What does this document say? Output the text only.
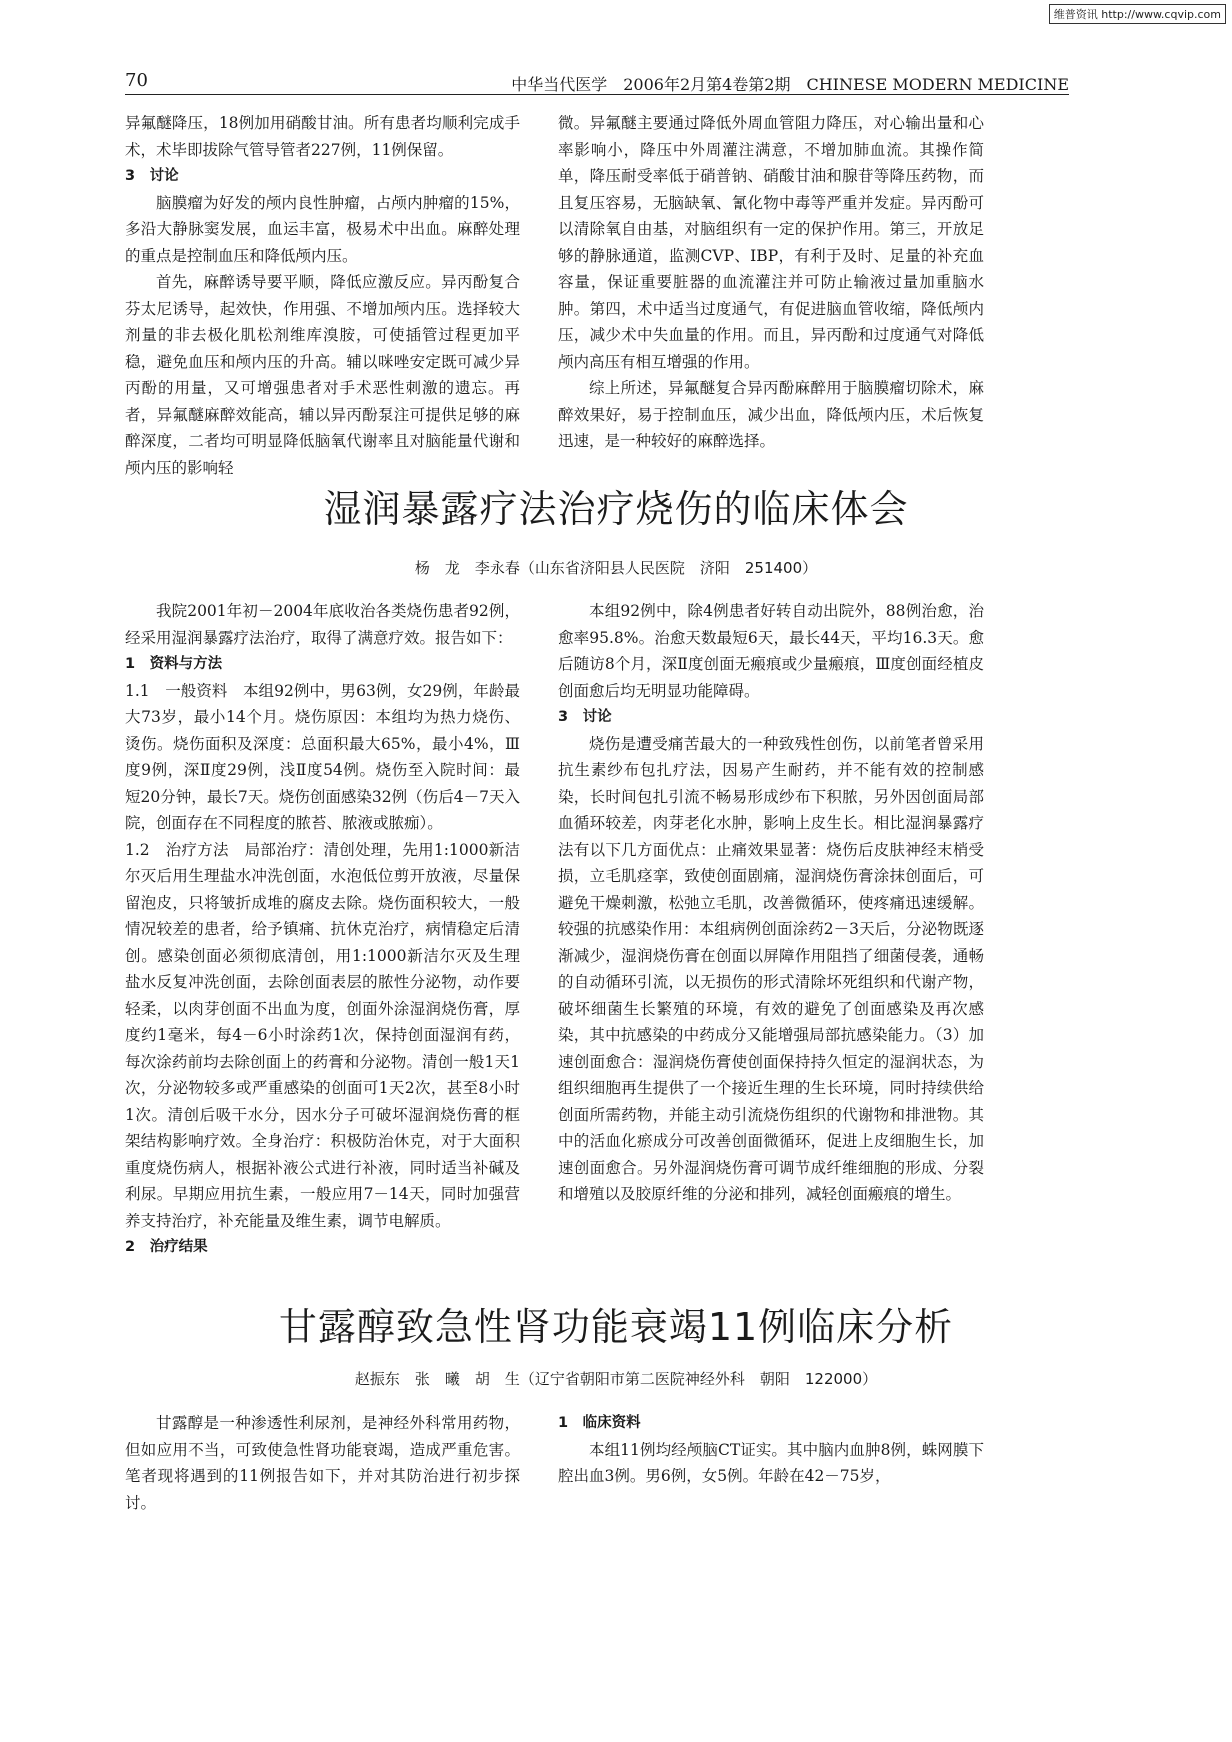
维普资讯 http://www.cqvip.com
70	中华当代医学　2006年2月第4卷第2期　CHINESE MODERN MEDICINE

异氟醚降压，18例加用硝酸甘油。所有患者均顺利完成手术，术毕即拔除气管导管者227例，11例保留。

3　讨论

脑膜瘤为好发的颅内良性肿瘤，占颅内肿瘤的15%，多沿大静脉窦发展，血运丰富，极易术中出血。麻醉处理的重点是控制血压和降低颅内压。

首先，麻醉诱导要平顺，降低应激反应。异丙酚复合芬太尼诱导，起效快，作用强、不增加颅内压。选择较大剂量的非去极化肌松剂维库溴胺，可使插管过程更加平稳，避免血压和颅内压的升高。辅以咪唑安定既可减少异丙酚的用量，又可增强患者对手术恶性刺激的遗忘。再者，异氟醚麻醉效能高，辅以异丙酚泵注可提供足够的麻醉深度，二者均可明显降低脑氧代谢率且对脑能量代谢和颅内压的影响轻

微。异氟醚主要通过降低外周血管阻力降压，对心输出量和心率影响小，降压中外周灌注满意，不增加肺血流。其操作简单，降压耐受率低于硝普钠、硝酸甘油和腺苷等降压药物，而且复压容易，无脑缺氧、氰化物中毒等严重并发症。异丙酚可以清除氧自由基，对脑组织有一定的保护作用。第三，开放足够的静脉通道，监测CVP、IBP，有利于及时、足量的补充血容量，保证重要脏器的血流灌注并可防止输液过量加重脑水肿。第四，术中适当过度通气，有促进脑血管收缩，降低颅内压，减少术中失血量的作用。而且，异丙酚和过度通气对降低颅内高压有相互增强的作用。

综上所述，异氟醚复合异丙酚麻醉用于脑膜瘤切除术，麻醉效果好，易于控制血压，减少出血，降低颅内压，术后恢复迅速，是一种较好的麻醉选择。

湿润暴露疗法治疗烧伤的临床体会
杨　龙　李永春（山东省济阳县人民医院　济阳　251400）

我院2001年初－2004年底收治各类烧伤患者92例，经采用湿润暴露疗法治疗，取得了满意疗效。报告如下：

1　资料与方法

1.1　一般资料　本组92例中，男63例，女29例，年龄最大73岁，最小14个月。烧伤原因：本组均为热力烧伤、烫伤。烧伤面积及深度：总面积最大65%，最小4%，Ⅲ度9例，深Ⅱ度29例，浅Ⅱ度54例。烧伤至入院时间：最短20分钟，最长7天。烧伤创面感染32例（伤后4－7天入院，创面存在不同程度的脓苔、脓液或脓痂）。

1.2　治疗方法　局部治疗：清创处理，先用1:1000新洁尔灭后用生理盐水冲洗创面，水泡低位剪开放液，尽量保留泡皮，只将皱折成堆的腐皮去除。烧伤面积较大，一般情况较差的患者，给予镇痛、抗休克治疗，病情稳定后清创。感染创面必须彻底清创，用1:1000新洁尔灭及生理盐水反复冲洗创面，去除创面表层的脓性分泌物，动作要轻柔，以肉芽创面不出血为度，创面外涂湿润烧伤膏，厚度约1毫米，每4－6小时涂药1次，保持创面湿润有药，每次涂药前均去除创面上的药膏和分泌物。清创一般1天1次，分泌物较多或严重感染的创面可1天2次，甚至8小时1次。清创后吸干水分，因水分子可破坏湿润烧伤膏的框架结构影响疗效。全身治疗：积极防治休克，对于大面积重度烧伤病人，根据补液公式进行补液，同时适当补碱及利尿。早期应用抗生素，一般应用7－14天，同时加强营养支持治疗，补充能量及维生素，调节电解质。

2　治疗结果

本组92例中，除4例患者好转自动出院外，88例治愈，治愈率95.8%。治愈天数最短6天，最长44天，平均16.3天。愈后随访8个月，深Ⅱ度创面无瘢痕或少量瘢痕，Ⅲ度创面经植皮创面愈后均无明显功能障碍。

3　讨论

烧伤是遭受痛苦最大的一种致残性创伤，以前笔者曾采用抗生素纱布包扎疗法，因易产生耐药，并不能有效的控制感染，长时间包扎引流不畅易形成纱布下积脓，另外因创面局部血循环较差，肉芽老化水肿，影响上皮生长。相比湿润暴露疗法有以下几方面优点：止痛效果显著：烧伤后皮肤神经末梢受损，立毛肌痉挛，致使创面剧痛，湿润烧伤膏涂抹创面后，可避免干燥刺激，松弛立毛肌，改善微循环，使疼痛迅速缓解。较强的抗感染作用：本组病例创面涂药2－3天后，分泌物既逐渐减少，湿润烧伤膏在创面以屏障作用阻挡了细菌侵袭，通畅的自动循环引流，以无损伤的形式清除坏死组织和代谢产物，破坏细菌生长繁殖的环境，有效的避免了创面感染及再次感染，其中抗感染的中药成分又能增强局部抗感染能力。（3）加速创面愈合：湿润烧伤膏使创面保持持久恒定的湿润状态，为组织细胞再生提供了一个接近生理的生长环境，同时持续供给创面所需药物，并能主动引流烧伤组织的代谢物和排泄物。其中的活血化瘀成分可改善创面微循环，促进上皮细胞生长，加速创面愈合。另外湿润烧伤膏可调节成纤维细胞的形成、分裂和增殖以及胶原纤维的分泌和排列，减轻创面瘢痕的增生。

甘露醇致急性肾功能衰竭11例临床分析
赵振东　张　曦　胡　生（辽宁省朝阳市第二医院神经外科　朝阳　122000）

甘露醇是一种渗透性利尿剂，是神经外科常用药物，但如应用不当，可致使急性肾功能衰竭，造成严重危害。笔者现将遇到的11例报告如下，并对其防治进行初步探讨。

1　临床资料

本组11例均经颅脑CT证实。其中脑内血肿8例，蛛网膜下腔出血3例。男6例，女5例。年龄在42－75岁，
